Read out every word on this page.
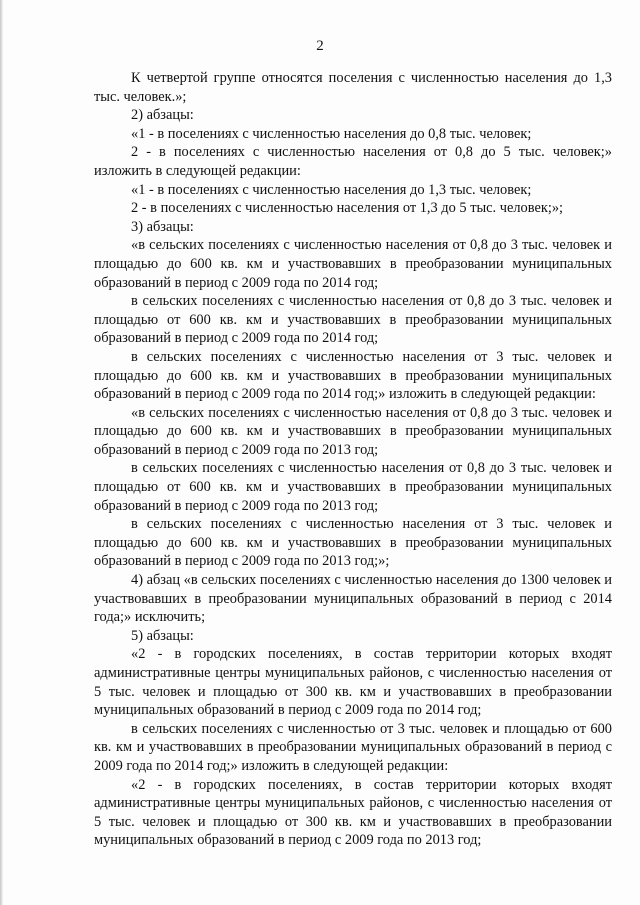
2

К четвертой группе относятся поселения с численностью населения до 1,3 тыс. человек.»;

2) абзацы:

«1 - в поселениях с численностью населения до 0,8 тыс. человек;

2 - в поселениях с численностью населения от 0,8 до 5 тыс. человек;» изложить в следующей редакции:

«1 - в поселениях с численностью населения до 1,3 тыс. человек;

2 - в поселениях с численностью населения от 1,3 до 5 тыс. человек;»;

3) абзацы:

«в сельских поселениях с численностью населения от 0,8 до 3 тыс. человек и площадью до 600 кв. км и участвовавших в преобразовании муниципальных образований в период с 2009 года по 2014 год;

в сельских поселениях с численностью населения от 0,8 до 3 тыс. человек и площадью от 600 кв. км и участвовавших в преобразовании муниципальных образований в период с 2009 года по 2014 год;

в сельских поселениях с численностью населения от 3 тыс. человек и площадью до 600 кв. км и участвовавших в преобразовании муниципальных образований в период с 2009 года по 2014 год;» изложить в следующей редакции:

«в сельских поселениях с численностью населения от 0,8 до 3 тыс. человек и площадью до 600 кв. км и участвовавших в преобразовании муниципальных образований в период с 2009 года по 2013 год;

в сельских поселениях с численностью населения от 0,8 до 3 тыс. человек и площадью от 600 кв. км и участвовавших в преобразовании муниципальных образований в период с 2009 года по 2013 год;

в сельских поселениях с численностью населения от 3 тыс. человек и площадью до 600 кв. км и участвовавших в преобразовании муниципальных образований в период с 2009 года по 2013 год;»;

4) абзац «в сельских поселениях с численностью населения до 1300 человек и участвовавших в преобразовании муниципальных образований в период с 2014 года;» исключить;

5) абзацы:

«2 - в городских поселениях, в состав территории которых входят административные центры муниципальных районов, с численностью населения от 5 тыс. человек и площадью от 300 кв. км и участвовавших в преобразовании муниципальных образований в период с 2009 года по 2014 год;

в сельских поселениях с численностью от 3 тыс. человек и площадью от 600 кв. км и участвовавших в преобразовании муниципальных образований в период с 2009 года по 2014 год;» изложить в следующей редакции:

«2 - в городских поселениях, в состав территории которых входят административные центры муниципальных районов, с численностью населения от 5 тыс. человек и площадью от 300 кв. км и участвовавших в преобразовании муниципальных образований в период с 2009 года по 2013 год;
